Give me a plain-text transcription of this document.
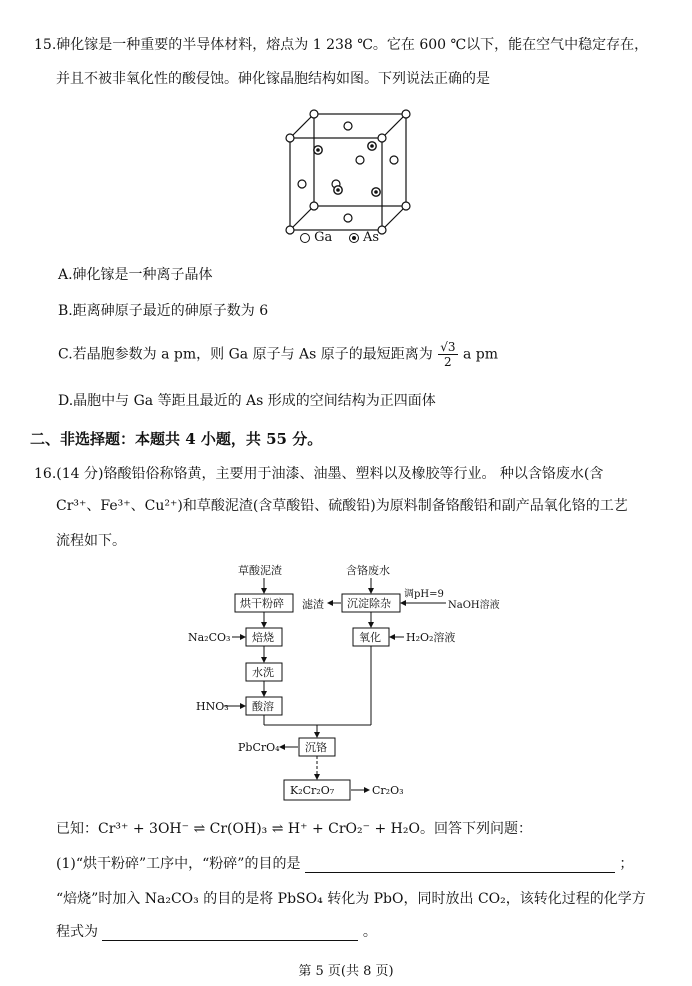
15.砷化镓是一种重要的半导体材料，熔点为 1 238 ℃。它在 600 ℃以下，能在空气中稳定存在，
并且不被非氧化性的酸侵蚀。砷化镓晶胞结构如图。下列说法正确的是
Ga As
A.砷化镓是一种离子晶体
B.距离砷原子最近的砷原子数为 6
C.若晶胞参数为 a pm，则 Ga 原子与 As 原子的最短距离为 $\frac{√3}{2}$ a pm
D.晶胞中与 Ga 等距且最近的 As 形成的空间结构为正四面体
二、非选择题：本题共 4 小题，共 55 分。
16.(14 分)铬酸铅俗称铬黄，主要用于油漆、油墨、塑料以及橡胶等行业。 种以含铬废水(含
Cr³⁺、Fe³⁺、Cu²⁺)和草酸泥渣(含草酸铅、硫酸铅)为原料制备铬酸铅和副产品氧化铬的工艺
流程如下。
草酸泥渣
烘干粉碎
焙烧
Na₂CO₃
水洗
酸溶
HNO₃
含铬废水
沉淀除杂
调pH=9
NaOH溶液
滤渣
氧化 H₂O₂溶液
沉铬
PbCrO₄
K₂Cr₂O₇	Cr₂O₃
已知：Cr³⁺ + 3OH⁻ ⇌ Cr(OH)₃ ⇌ H⁺ + CrO₂⁻ + H₂O。回答下列问题：
(1)“烘干粉碎”工序中，“粉碎”的目的是	；
“焙烧”时加入 Na₂CO₃ 的目的是将 PbSO₄ 转化为 PbO，同时放出 CO₂，该转化过程的化学方
程式为	。
第 5 页(共 8 页)
